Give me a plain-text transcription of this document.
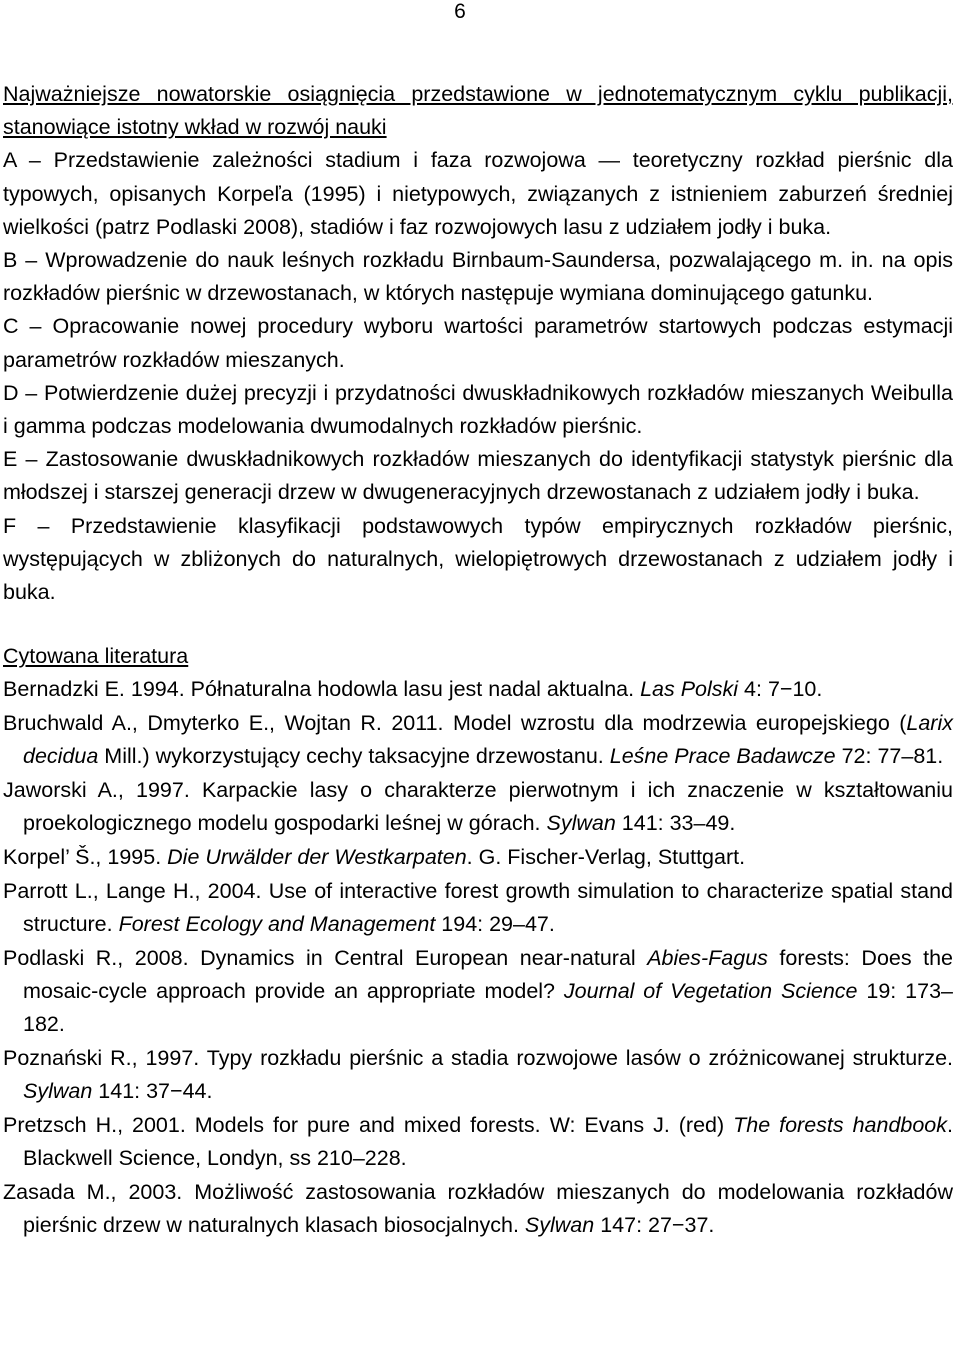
6

Najważniejsze nowatorskie osiągnięcia przedstawione w jednotematycznym cyklu publikacji, stanowiące istotny wkład w rozwój nauki

A – Przedstawienie zależności stadium i faza rozwojowa — teoretyczny rozkład pierśnic dla typowych, opisanych Korpeľa (1995) i nietypowych, związanych z istnieniem zaburzeń średniej wielkości (patrz Podlaski 2008), stadiów i faz rozwojowych lasu z udziałem jodły i buka.

B – Wprowadzenie do nauk leśnych rozkładu Birnbaum-Saundersa, pozwalającego m. in. na opis rozkładów pierśnic w drzewostanach, w których następuje wymiana dominującego gatunku.

C – Opracowanie nowej procedury wyboru wartości parametrów startowych podczas estymacji parametrów rozkładów mieszanych.

D – Potwierdzenie dużej precyzji i przydatności dwuskładnikowych rozkładów mieszanych Weibulla i gamma podczas modelowania dwumodalnych rozkładów pierśnic.

E – Zastosowanie dwuskładnikowych rozkładów mieszanych do identyfikacji statystyk pierśnic dla młodszej i starszej generacji drzew w dwugeneracyjnych drzewostanach z udziałem jodły i buka.

F – Przedstawienie klasyfikacji podstawowych typów empirycznych rozkładów pierśnic, występujących w zbliżonych do naturalnych, wielopiętrowych drzewostanach z udziałem jodły i buka.

Cytowana literatura

Bernadzki E. 1994. Półnaturalna hodowla lasu jest nadal aktualna. Las Polski 4: 7−10.

Bruchwald A., Dmyterko E., Wojtan R. 2011. Model wzrostu dla modrzewia europejskiego (Larix decidua Mill.) wykorzystujący cechy taksacyjne drzewostanu. Leśne Prace Badawcze 72: 77–81.

Jaworski A., 1997. Karpackie lasy o charakterze pierwotnym i ich znaczenie w kształtowaniu proekologicznego modelu gospodarki leśnej w górach. Sylwan 141: 33–49.

Korpel’ Š., 1995. Die Urwälder der Westkarpaten. G. Fischer-Verlag, Stuttgart.

Parrott L., Lange H., 2004. Use of interactive forest growth simulation to characterize spatial stand structure. Forest Ecology and Management 194: 29–47.

Podlaski R., 2008. Dynamics in Central European near-natural Abies-Fagus forests: Does the mosaic-cycle approach provide an appropriate model? Journal of Vegetation Science 19: 173–182.

Poznański R., 1997. Typy rozkładu pierśnic a stadia rozwojowe lasów o zróżnicowanej strukturze. Sylwan 141: 37−44.

Pretzsch H., 2001. Models for pure and mixed forests. W: Evans J. (red) The forests handbook. Blackwell Science, Londyn, ss 210–228.

Zasada M., 2003. Możliwość zastosowania rozkładów mieszanych do modelowania rozkładów pierśnic drzew w naturalnych klasach biosocjalnych. Sylwan 147: 27−37.
